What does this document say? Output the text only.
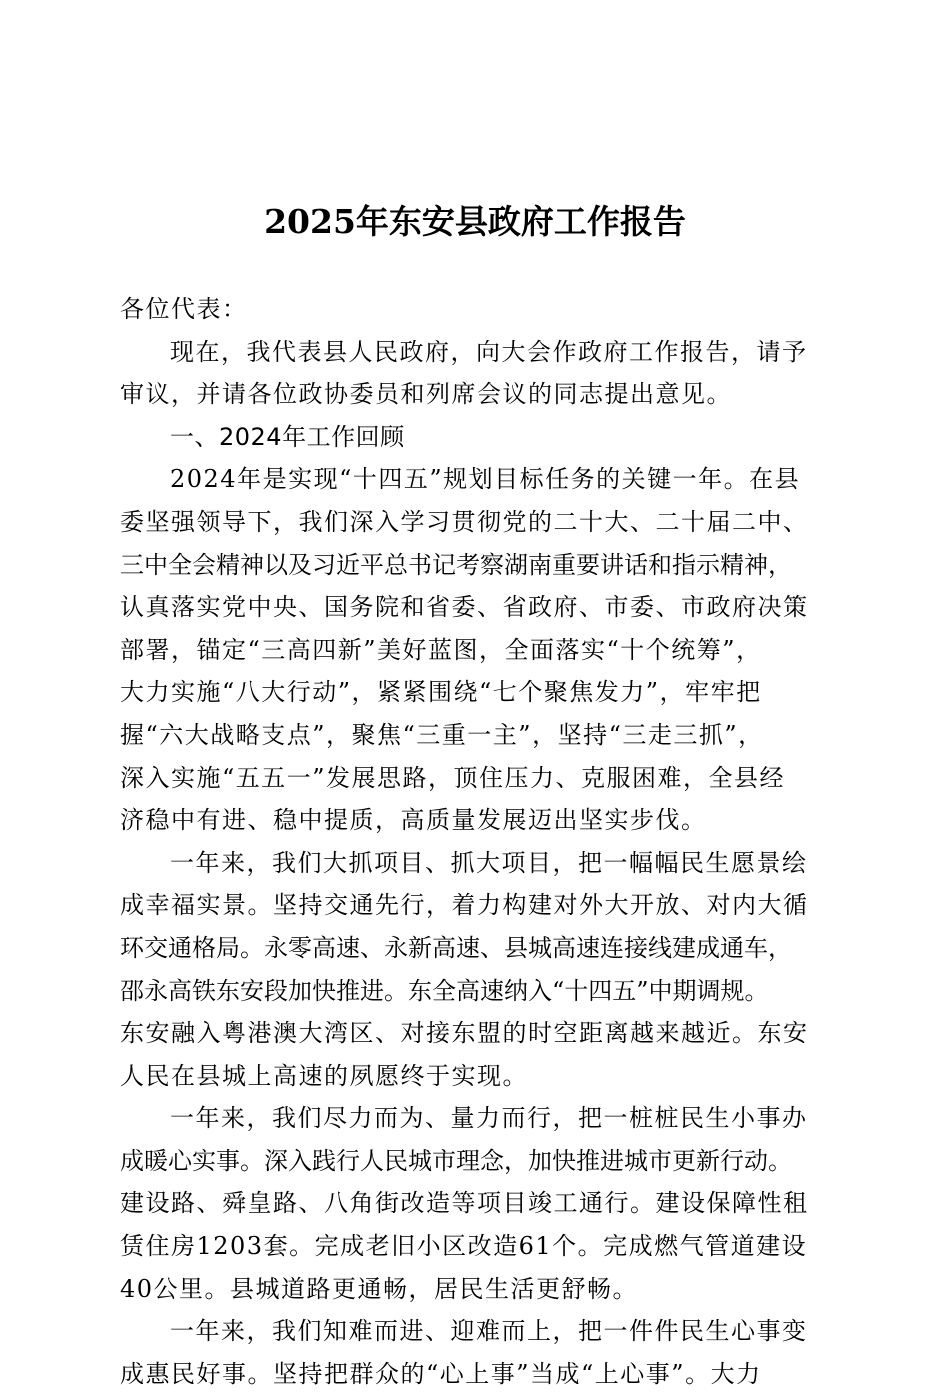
2025年东安县政府工作报告
各位代表：

现在，我代表县人民政府，向大会作政府工作报告，请予
审议，并请各位政协委员和列席会议的同志提出意见。

一、2024年工作回顾

2024年是实现“十四五”规划目标任务的关键一年。在县
委坚强领导下，我们深入学习贯彻党的二十大、二十届二中、
三中全会精神以及习近平总书记考察湖南重要讲话和指示精神，
认真落实党中央、国务院和省委、省政府、市委、市政府决策
部署，锚定“三高四新”美好蓝图，全面落实“十个统筹”，
大力实施“八大行动”，紧紧围绕“七个聚焦发力”，牢牢把
握“六大战略支点”，聚焦“三重一主”，坚持“三走三抓”，
深入实施“五五一”发展思路，顶住压力、克服困难，全县经
济稳中有进、稳中提质，高质量发展迈出坚实步伐。

一年来，我们大抓项目、抓大项目，把一幅幅民生愿景绘
成幸福实景。坚持交通先行，着力构建对外大开放、对内大循
环交通格局。永零高速、永新高速、县城高速连接线建成通车，
邵永高铁东安段加快推进。东全高速纳入“十四五”中期调规。
东安融入粤港澳大湾区、对接东盟的时空距离越来越近。东安
人民在县城上高速的夙愿终于实现。

一年来，我们尽力而为、量力而行，把一桩桩民生小事办
成暖心实事。深入践行人民城市理念，加快推进城市更新行动。
建设路、舜皇路、八角街改造等项目竣工通行。建设保障性租
赁住房1203套。完成老旧小区改造61个。完成燃气管道建设
40公里。县城道路更通畅，居民生活更舒畅。

一年来，我们知难而进、迎难而上，把一件件民生心事变
成惠民好事。坚持把群众的“心上事”当成“上心事”。大力
